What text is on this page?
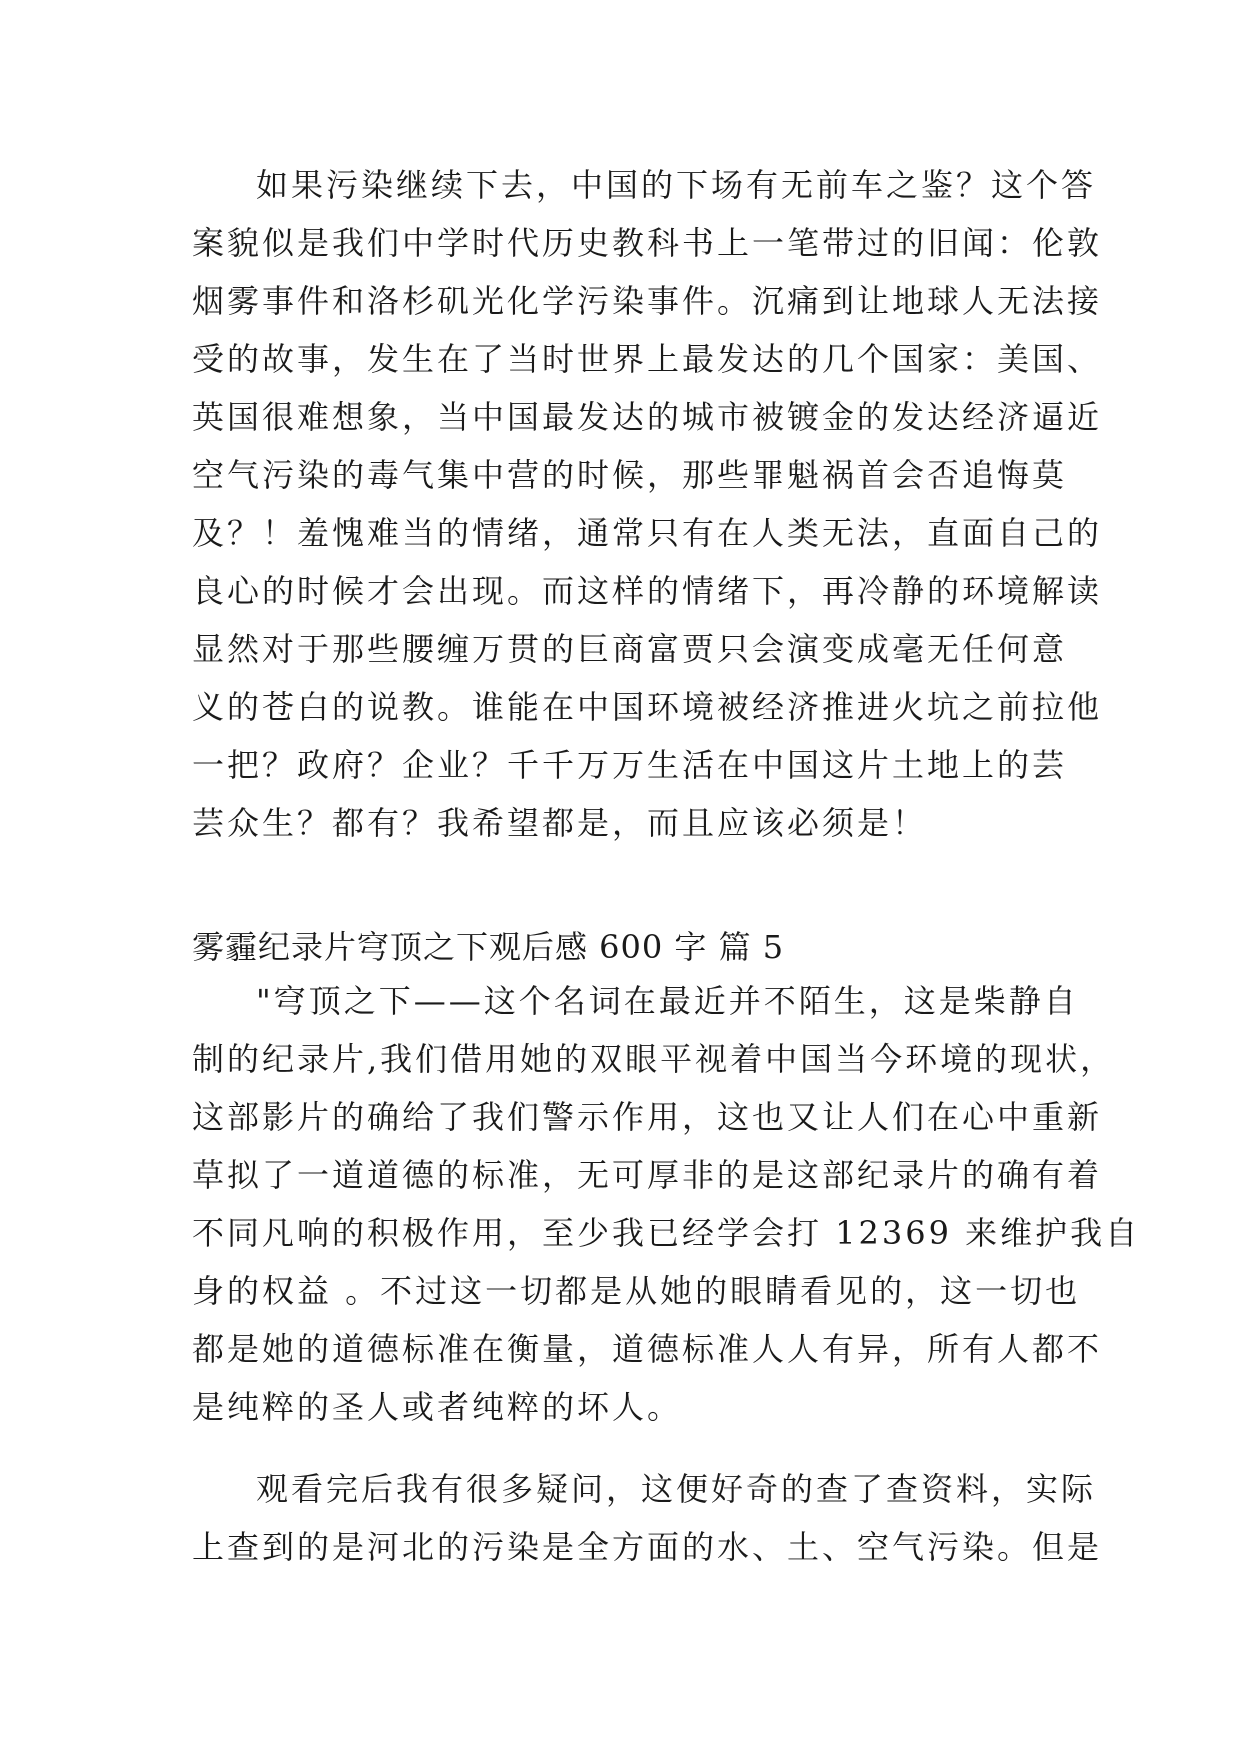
如果污染继续下去，中国的下场有无前车之鉴？这个答
案貌似是我们中学时代历史教科书上一笔带过的旧闻：伦敦
烟雾事件和洛杉矶光化学污染事件。沉痛到让地球人无法接
受的故事，发生在了当时世界上最发达的几个国家：美国、
英国很难想象，当中国最发达的城市被镀金的发达经济逼近
空气污染的毒气集中营的时候，那些罪魁祸首会否追悔莫
及？！羞愧难当的情绪，通常只有在人类无法，直面自己的
良心的时候才会出现。而这样的情绪下，再冷静的环境解读
显然对于那些腰缠万贯的巨商富贾只会演变成毫无任何意
义的苍白的说教。谁能在中国环境被经济推进火坑之前拉他
一把？政府？企业？千千万万生活在中国这片土地上的芸
芸众生？都有？我希望都是，而且应该必须是！
雾霾纪录片穹顶之下观后感 600 字 篇 5
"穹顶之下——这个名词在最近并不陌生，这是柴静自
制的纪录片,我们借用她的双眼平视着中国当今环境的现状，
这部影片的确给了我们警示作用，这也又让人们在心中重新
草拟了一道道德的标准，无可厚非的是这部纪录片的确有着
不同凡响的积极作用，至少我已经学会打 12369 来维护我自
身的权益 。不过这一切都是从她的眼睛看见的，这一切也
都是她的道德标准在衡量，道德标准人人有异，所有人都不
是纯粹的圣人或者纯粹的坏人。
观看完后我有很多疑问，这便好奇的查了查资料，实际
上查到的是河北的污染是全方面的水、土、空气污染。但是
